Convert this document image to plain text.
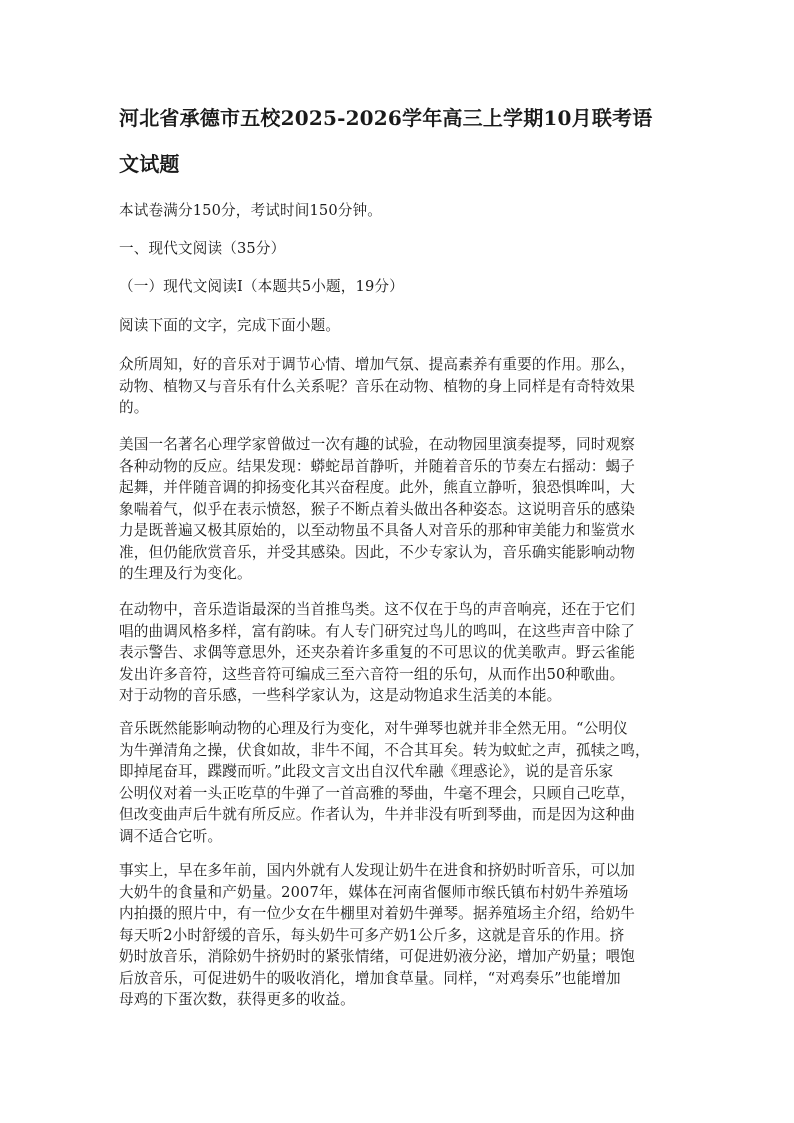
河北省承德市五校2025-2026学年高三上学期10月联考语
文试题

本试卷满分150分，考试时间150分钟。

一、现代文阅读（35分）

（一）现代文阅读Ⅰ（本题共5小题，19分）

阅读下面的文字，完成下面小题。

众所周知，好的音乐对于调节心情、增加气氛、提高素养有重要的作用。那么，
动物、植物又与音乐有什么关系呢？音乐在动物、植物的身上同样是有奇特效果
的。

美国一名著名心理学家曾做过一次有趣的试验，在动物园里演奏提琴，同时观察
各种动物的反应。结果发现：蟒蛇昂首静听，并随着音乐的节奏左右摇动：蝎子
起舞，并伴随音调的抑扬变化其兴奋程度。此外，熊直立静听，狼恐惧哞叫，大
象喘着气，似乎在表示愤怒，猴子不断点着头做出各种姿态。这说明音乐的感染
力是既普遍又极其原始的，以至动物虽不具备人对音乐的那种审美能力和鉴赏水
准，但仍能欣赏音乐，并受其感染。因此，不少专家认为，音乐确实能影响动物
的生理及行为变化。

在动物中，音乐造诣最深的当首推鸟类。这不仅在于鸟的声音响亮，还在于它们
唱的曲调风格多样，富有韵味。有人专门研究过鸟儿的鸣叫，在这些声音中除了
表示警告、求偶等意思外，还夹杂着许多重复的不可思议的优美歌声。野云雀能
发出许多音符，这些音符可编成三至六音符一组的乐句，从而作出50种歌曲。
对于动物的音乐感，一些科学家认为，这是动物追求生活美的本能。

音乐既然能影响动物的心理及行为变化，对牛弹琴也就并非全然无用。“公明仪
为牛弹清角之操，伏食如故，非牛不闻，不合其耳矣。转为蚊虻之声，孤犊之鸣，
即掉尾奋耳，蹀躞而听。”此段文言文出自汉代牟融《理惑论》，说的是音乐家
公明仪对着一头正吃草的牛弹了一首高雅的琴曲，牛毫不理会，只顾自己吃草，
但改变曲声后牛就有所反应。作者认为，牛并非没有听到琴曲，而是因为这种曲
调不适合它听。

事实上，早在多年前，国内外就有人发现让奶牛在进食和挤奶时听音乐，可以加
大奶牛的食量和产奶量。2007年，媒体在河南省偃师市缑氏镇布村奶牛养殖场
内拍摄的照片中，有一位少女在牛棚里对着奶牛弹琴。据养殖场主介绍，给奶牛
每天听2小时舒缓的音乐，每头奶牛可多产奶1公斤多，这就是音乐的作用。挤
奶时放音乐，消除奶牛挤奶时的紧张情绪，可促进奶液分泌，增加产奶量；喂饱
后放音乐，可促进奶牛的吸收消化，增加食草量。同样，“对鸡奏乐”也能增加
母鸡的下蛋次数，获得更多的收益。
